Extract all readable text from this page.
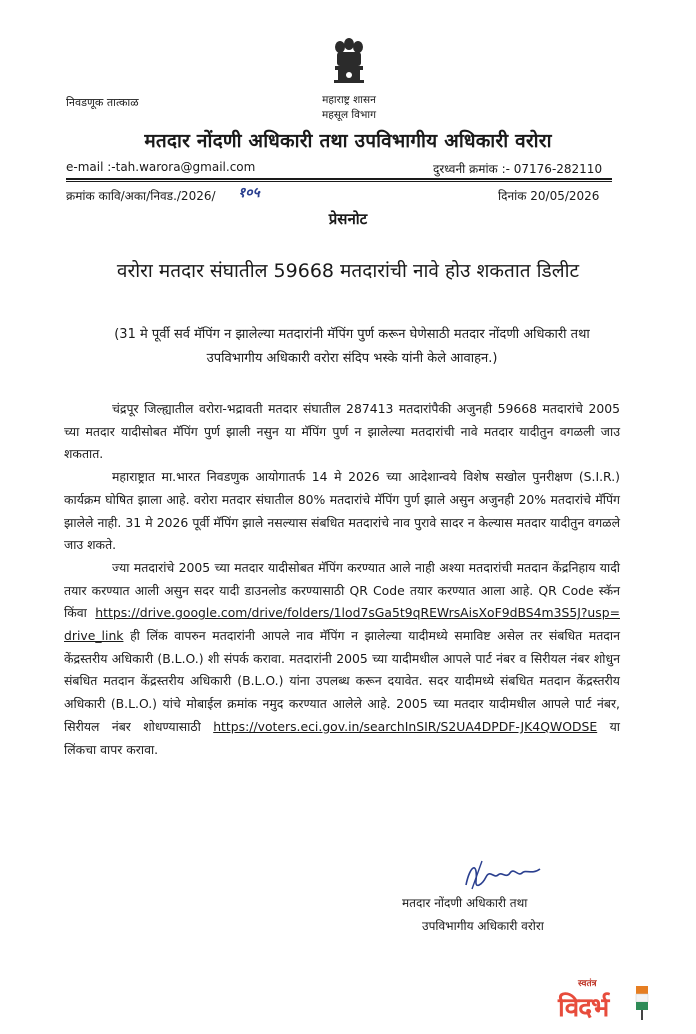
निवडणूक तात्काळ	महाराष्ट्र शासन
महसूल विभाग
मतदार नोंदणी अधिकारी तथा उपविभागीय अधिकारी वरोरा
e-mail :-tah.warora@gmail.com	दुरध्वनी क्रमांक :- 07176-282110
क्रमांक कावि/अका/निवड./2026/ १०५	दिनांक 20/05/2026
प्रेसनोट
वरोरा मतदार संघातील 59668 मतदारांची नावे होउ शकतात डिलीट
(31 मे पूर्वी सर्व मॅपिंग न झालेल्या मतदारांनी मॅपिंग पुर्ण करून घेणेसाठी मतदार नोंदणी अधिकारी तथा उपविभागीय अधिकारी वरोरा संदिप भस्के यांनी केले आवाहन.)

चंद्रपूर जिल्ह्यातील वरोरा-भद्रावती मतदार संघातील 287413 मतदारांपैकी अजुनही 59668 मतदारांचे 2005 च्या मतदार यादीसोबत मॅपिंग पुर्ण झाली नसुन या मॅपिंग पुर्ण न झालेल्या मतदारांची नावे मतदार यादीतुन वगळली जाउ शकतात.

महाराष्ट्रात मा.भारत निवडणुक आयोगातर्फ 14 मे 2026 च्या आदेशान्वये विशेष सखोल पुनरीक्षण (S.I.R.) कार्यक्रम घोषित झाला आहे. वरोरा मतदार संघातील 80% मतदारांचे मॅपिंग पुर्ण झाले असुन अजुनही 20% मतदारांचे मॅपिंग झालेले नाही. 31 मे 2026 पूर्वी मॅपिंग झाले नसल्यास संबधित मतदारांचे नाव पुरावे सादर न केल्यास मतदार यादीतुन वगळले जाउ शकते.

ज्या मतदारांचे 2005 च्या मतदार यादीसोबत मॅपिंग करण्यात आले नाही अश्या मतदारांची मतदान केंद्रनिहाय यादी तयार करण्यात आली असुन सदर यादी डाउनलोड करण्यासाठी QR Code तयार करण्यात आला आहे. QR Code स्कॅन किंवा https://drive.google.com/drive/folders/1lod7sGa5t9qREWrsAisXoF9dBS4m3S5J?usp=drive_link ही लिंक वापरुन मतदारांनी आपले नाव मॅपिंग न झालेल्या यादीमध्ये समाविष्ट असेल तर संबधित मतदान केंद्रस्तरीय अधिकारी (B.L.O.) शी संपर्क करावा. मतदारांनी 2005 च्या यादीमधील आपले पार्ट नंबर व सिरीयल नंबर शोधुन संबधित मतदान केंद्रस्तरीय अधिकारी (B.L.O.) यांना उपलब्ध करून दयावेत. सदर यादीमध्ये संबधित मतदान केंद्रस्तरीय अधिकारी (B.L.O.) यांचे मोबाईल क्रमांक नमुद करण्यात आलेले आहे. 2005 च्या मतदार यादीमधील आपले पार्ट नंबर, सिरीयल नंबर शोधण्यासाठी https://voters.eci.gov.in/searchInSIR/S2UA4DPDF-JK4QWODSE या लिंकचा वापर करावा.

मतदार नोंदणी अधिकारी तथा
उपविभागीय अधिकारी वरोरा
स्वतंत्र
विदर्भ
